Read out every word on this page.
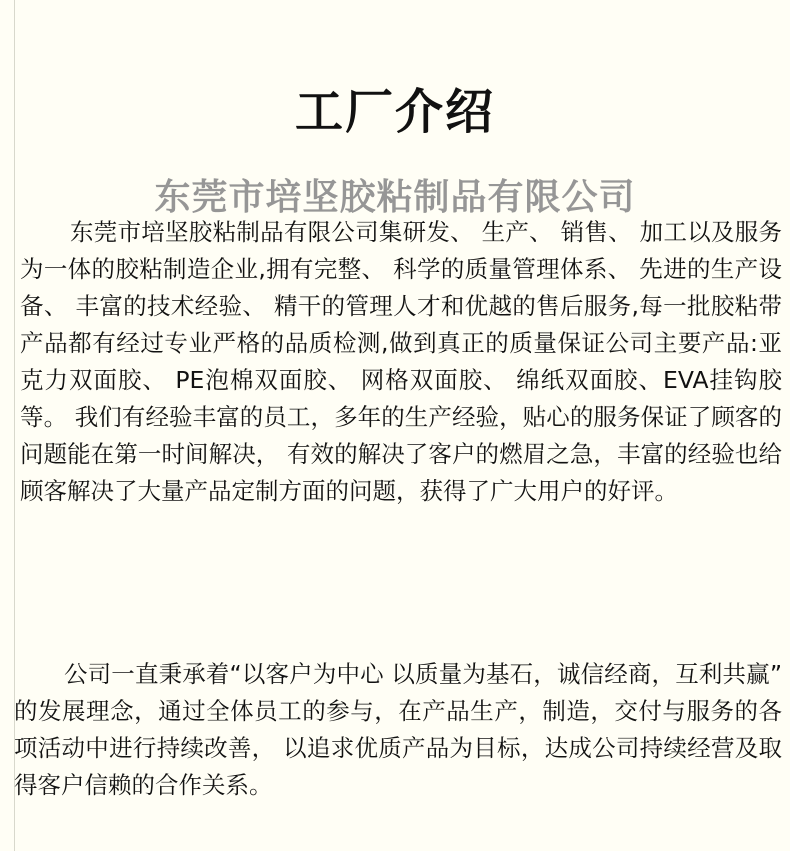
工厂介绍
东莞市培坚胶粘制品有限公司

东莞市培坚胶粘制品有限公司集研发、 生产、 销售、 加工以及服务为一体的胶粘制造企业,拥有完整、 科学的质量管理体系、 先进的生产设备、 丰富的技术经验、 精干的管理人才和优越的售后服务,每一批胶粘带产品都有经过专业严格的品质检测,做到真正的质量保证公司主要产品:亚克力双面胶、 PE泡棉双面胶、 网格双面胶、 绵纸双面胶、EVA挂钩胶等。 我们有经验丰富的员工，多年的生产经验，贴心的服务保证了顾客的问题能在第一时间解决， 有效的解决了客户的燃眉之急，丰富的经验也给顾客解决了大量产品定制方面的问题，获得了广大用户的好评。

公司一直秉承着“以客户为中心 以质量为基石，诚信经商，互利共赢” 的发展理念，通过全体员工的参与，在产品生产，制造，交付与服务的各项活动中进行持续改善， 以追求优质产品为目标，达成公司持续经营及取得客户信赖的合作关系。
